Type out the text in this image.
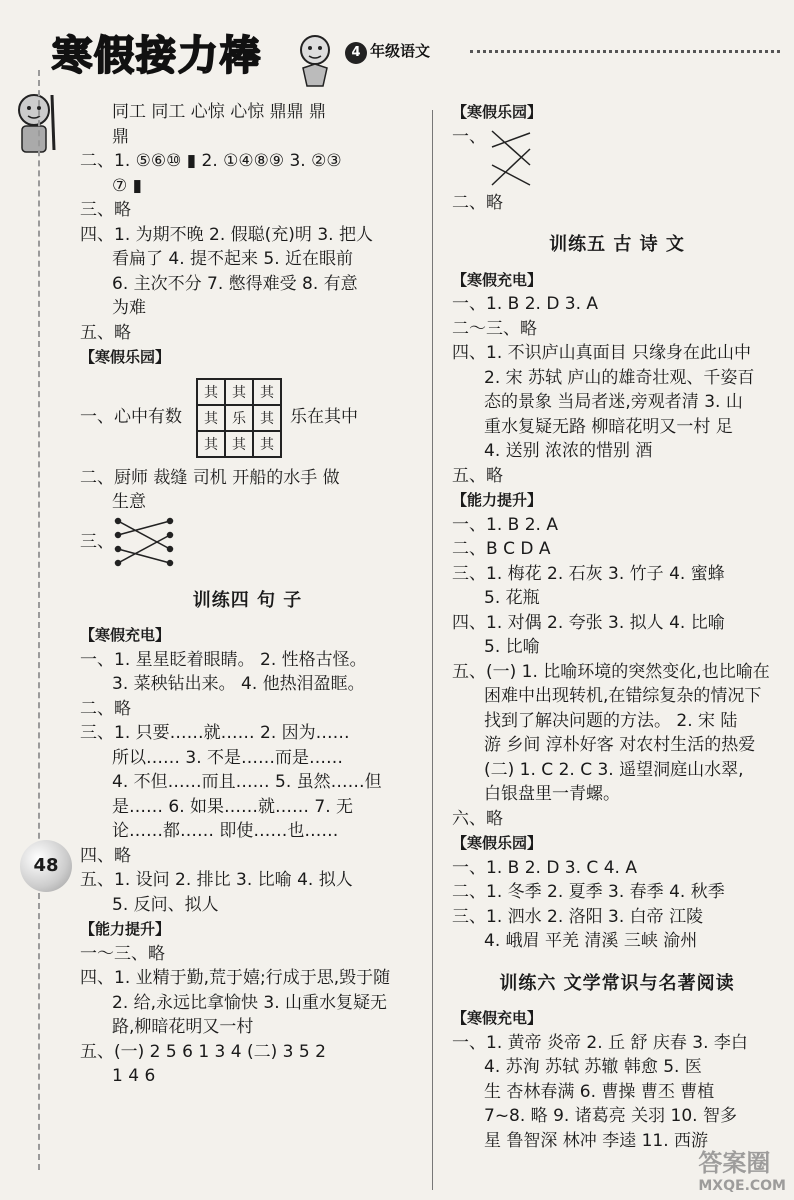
寒假接力棒	4 年级语文
48
同工 同工 心惊 心惊 鼎鼎 鼎
鼎
二、1. ⑤⑥⑩ ▮ 2. ①④⑧⑨ 3. ②③
⑦ ▮
三、略
四、1. 为期不晚 2. 假聪(充)明 3. 把人
看扁了 4. 提不起来 5. 近在眼前
6. 主次不分 7. 憋得难受 8. 有意
为难
五、略
【寒假乐园】
一、心中有数
其	其	其
其	乐	其
其	其	其
乐在其中
二、厨师 裁缝 司机 开船的水手 做
生意
三、
训练四 句 子
【寒假充电】
一、1. 星星眨着眼睛。 2. 性格古怪。
3. 菜秧钻出来。 4. 他热泪盈眶。
二、略
三、1. 只要……就…… 2. 因为……
所以…… 3. 不是……而是……
4. 不但……而且…… 5. 虽然……但
是…… 6. 如果……就…… 7. 无
论……都…… 即使……也……
四、略
五、1. 设问 2. 排比 3. 比喻 4. 拟人
5. 反问、拟人
【能力提升】
一～三、略
四、1. 业精于勤,荒于嬉;行成于思,毁于随
2. 给,永远比拿愉快 3. 山重水复疑无
路,柳暗花明又一村
五、(一) 2 5 6 1 3 4 (二) 3 5 2
1 4 6
【寒假乐园】
一、
二、略
训练五 古 诗 文
【寒假充电】
一、1. B 2. D 3. A
二～三、略
四、1. 不识庐山真面目 只缘身在此山中
2. 宋 苏轼 庐山的雄奇壮观、千姿百
态的景象 当局者迷,旁观者清 3. 山
重水复疑无路 柳暗花明又一村 足
4. 送别 浓浓的惜别 酒
五、略
【能力提升】
一、1. B 2. A
二、B C D A
三、1. 梅花 2. 石灰 3. 竹子 4. 蜜蜂
5. 花瓶
四、1. 对偶 2. 夸张 3. 拟人 4. 比喻
5. 比喻
五、(一) 1. 比喻环境的突然变化,也比喻在
困难中出现转机,在错综复杂的情况下
找到了解决问题的方法。 2. 宋 陆
游 乡间 淳朴好客 对农村生活的热爱
(二) 1. C 2. C 3. 遥望洞庭山水翠,
白银盘里一青螺。
六、略
【寒假乐园】
一、1. B 2. D 3. C 4. A
二、1. 冬季 2. 夏季 3. 春季 4. 秋季
三、1. 泗水 2. 洛阳 3. 白帝 江陵
4. 峨眉 平羌 清溪 三峡 渝州
训练六 文学常识与名著阅读
【寒假充电】
一、1. 黄帝 炎帝 2. 丘 舒 庆春 3. 李白
4. 苏洵 苏轼 苏辙 韩愈 5. 医
生 杏林春满 6. 曹操 曹丕 曹植
7~8. 略 9. 诸葛亮 关羽 10. 智多
星 鲁智深 林冲 李逵 11. 西游
答案圈
MXQE.COM
